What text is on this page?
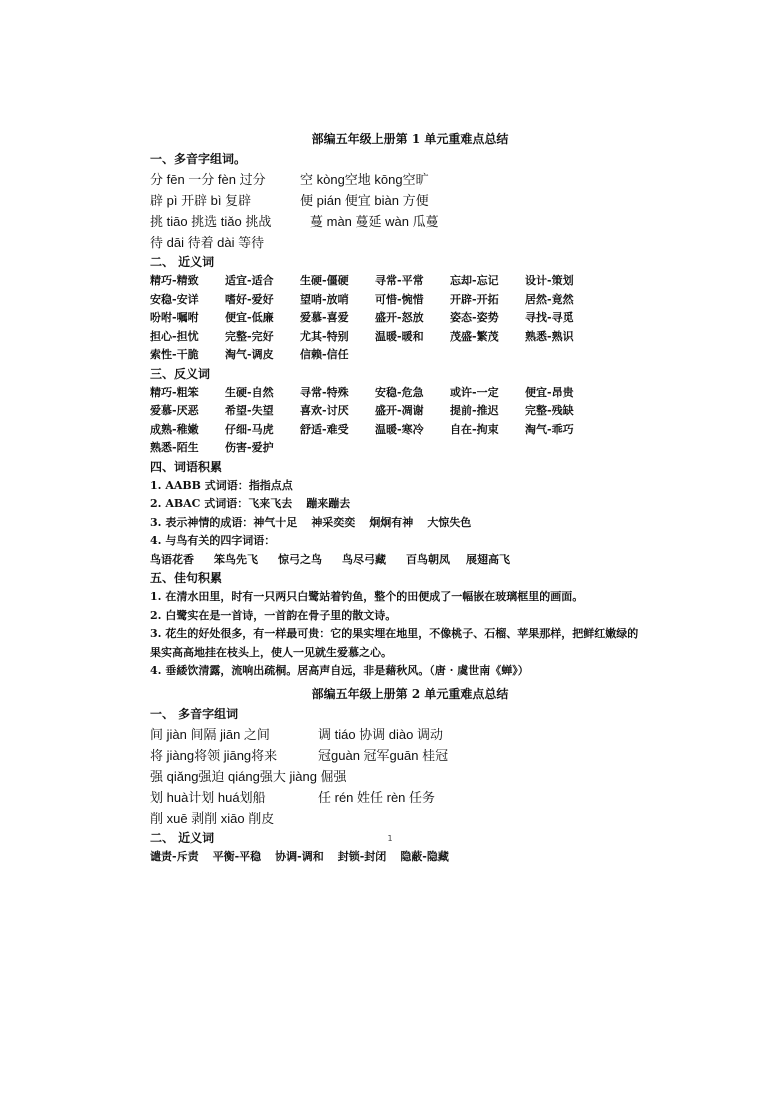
部编五年级上册第 1 单元重难点总结
一、多音字组词。
分 fēn 一分 fèn 过分	空 kòng空地 kōng空旷
辟 pì 开辟 bì 复辟	便 pián 便宜 biàn 方便
挑 tiāo 挑选 tiǎo 挑战	蔓 màn 蔓延 wàn 瓜蔓
待 dāi 待着 dài 等待
二、 近义词
精巧-精致 适宜-适合 生硬-僵硬 寻常-平常 忘却-忘记 设计-策划
安稳-安详 嗜好-爱好 望哨-放哨 可惜-惋惜 开辟-开拓 居然-竟然
吩咐-嘱咐 便宜-低廉 爱慕-喜爱 盛开-怒放 姿态-姿势 寻找-寻觅
担心-担忧 完整-完好 尤其-特别 温暖-暖和 茂盛-繁茂 熟悉-熟识
索性-干脆 淘气-调皮 信赖-信任
三、反义词
精巧-粗笨 生硬-自然 寻常-特殊 安稳-危急 或许-一定 便宜-昂贵
爱慕-厌恶 希望-失望 喜欢-讨厌 盛开-凋谢 提前-推迟 完整-残缺
成熟-稚嫩 仔细-马虎 舒适-难受 温暖-寒冷 自在-拘束 淘气-乖巧
熟悉-陌生 伤害-爱护
四、词语积累
1. AABB 式词语：指指点点
2. ABAC 式词语：飞来飞去 蹦来蹦去
3. 表示神情的成语：神气十足 神采奕奕 炯炯有神 大惊失色
4. 与鸟有关的四字词语：
鸟语花香 笨鸟先飞 惊弓之鸟 鸟尽弓藏 百鸟朝凤 展翅高飞
五、佳句积累
1. 在清水田里，时有一只两只白鹭站着钓鱼，整个的田便成了一幅嵌在玻璃框里的画面。
2. 白鹭实在是一首诗，一首韵在骨子里的散文诗。
3. 花生的好处很多，有一样最可贵：它的果实埋在地里，不像桃子、石榴、苹果那样，把鲜红嫩绿的果实高高地挂在枝头上，使人一见就生爱慕之心。
4. 垂緌饮清露，流响出疏桐。居高声自远，非是藉秋风。（唐 · 虞世南《蝉》）
部编五年级上册第 2 单元重难点总结
一、 多音字组词
间 jiàn 间隔 jiān 之间	调 tiáo 协调 diào 调动
将 jiàng将领 jiāng将来	冠guàn 冠军guān 桂冠
强 qiǎng强迫 qiáng强大 jiàng 倔强
划 huà计划 huá划船	任 rén 姓任 rèn 任务
削 xuē 剥削 xiāo 削皮
二、 近义词
谴责-斥责 平衡-平稳 协调-调和 封锁-封闭 隐蔽-隐藏
1
